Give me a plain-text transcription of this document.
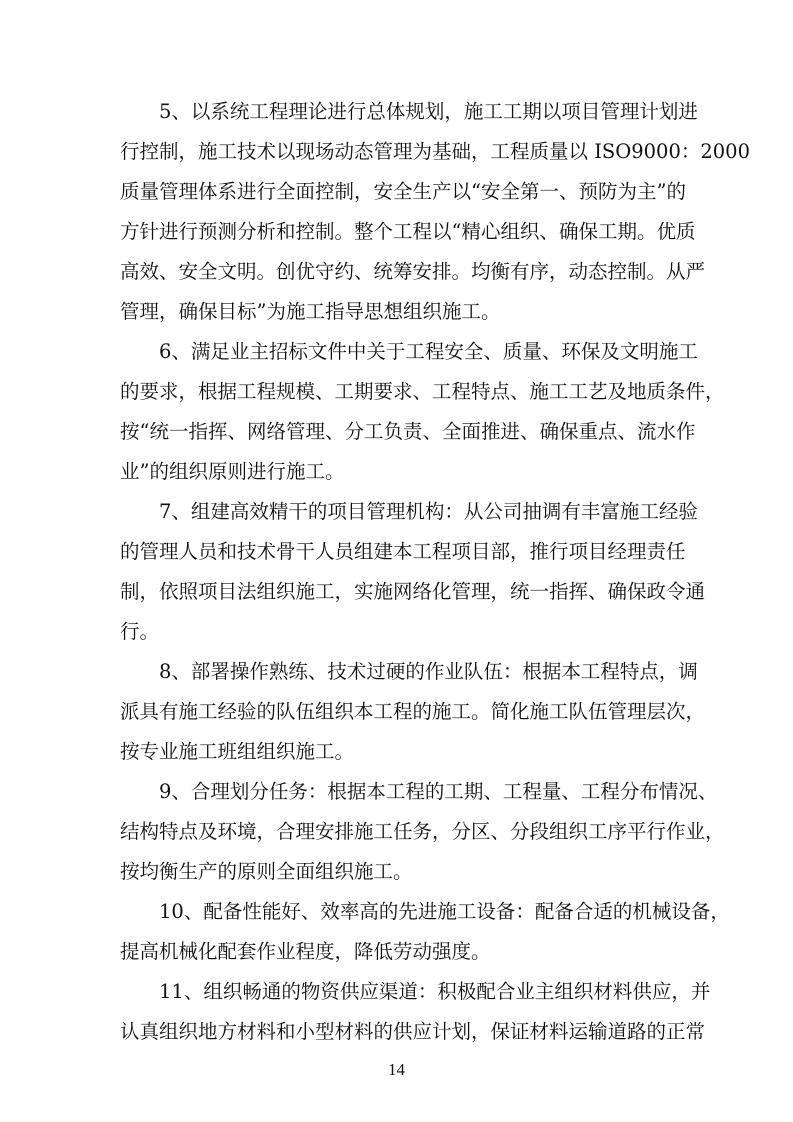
　　5、以系统工程理论进行总体规划，施工工期以项目管理计划进
行控制，施工技术以现场动态管理为基础，工程质量以 ISO9000：2000
质量管理体系进行全面控制，安全生产以“安全第一、预防为主”的
方针进行预测分析和控制。整个工程以“精心组织、确保工期。优质
高效、安全文明。创优守约、统筹安排。均衡有序，动态控制。从严
管理，确保目标”为施工指导思想组织施工。
　　6、满足业主招标文件中关于工程安全、质量、环保及文明施工
的要求，根据工程规模、工期要求、工程特点、施工工艺及地质条件，
按“统一指挥、网络管理、分工负责、全面推进、确保重点、流水作
业”的组织原则进行施工。
　　7、组建高效精干的项目管理机构：从公司抽调有丰富施工经验
的管理人员和技术骨干人员组建本工程项目部，推行项目经理责任
制，依照项目法组织施工，实施网络化管理，统一指挥、确保政令通
行。
　　8、部署操作熟练、技术过硬的作业队伍：根据本工程特点，调
派具有施工经验的队伍组织本工程的施工。简化施工队伍管理层次，
按专业施工班组组织施工。
　　9、合理划分任务：根据本工程的工期、工程量、工程分布情况、
结构特点及环境，合理安排施工任务，分区、分段组织工序平行作业，
按均衡生产的原则全面组织施工。
　　10、配备性能好、效率高的先进施工设备：配备合适的机械设备，
提高机械化配套作业程度，降低劳动强度。
　　11、组织畅通的物资供应渠道：积极配合业主组织材料供应，并
认真组织地方材料和小型材料的供应计划，保证材料运输道路的正常
14
